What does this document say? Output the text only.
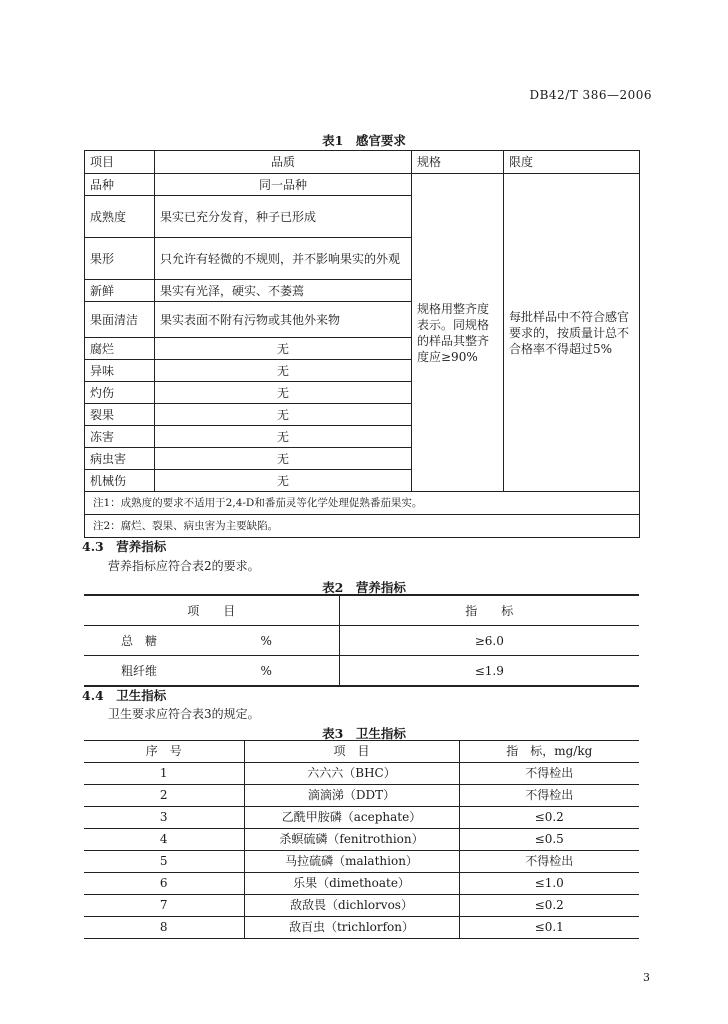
DB42/T 386—2006
表1　感官要求
项目	品质	规格	限度
品种	同一品种	规格用整齐度表示。同规格的样品其整齐度应≥90%	每批样品中不符合感官要求的，按质量计总不合格率不得超过5%
成熟度	果实已充分发育，种子已形成		
果形	只允许有轻微的不规则，并不影响果实的外观		
新鲜	果实有光泽，硬实、不萎蔫		
果面清洁	果实表面不附有污物或其他外来物		
腐烂	无		
异味	无		
灼伤	无		
裂果	无		
冻害	无		
病虫害	无		
机械伤	无		
注1：成熟度的要求不适用于2,4-D和番茄灵等化学处理促熟番茄果实。			
注2：腐烂、裂果、病虫害为主要缺陷。			
4.3　营养指标
营养指标应符合表2的要求。
表2　营养指标
项　　目		指　　标
总　糖	%	≥6.0
粗纤维	%	≤1.9
4.4　卫生指标
卫生要求应符合表3的规定。
表3　卫生指标
序　号	项　目	指　标，mg/kg
1	六六六（BHC）	不得检出
2	滴滴涕（DDT）	不得检出
3	乙酰甲胺磷（acephate）	≤0.2
4	杀螟硫磷（fenitrothion）	≤0.5
5	马拉硫磷（malathion）	不得检出
6	乐果（dimethoate）	≤1.0
7	敌敌畏（dichlorvos）	≤0.2
8	敌百虫（trichlorfon）	≤0.1
3
